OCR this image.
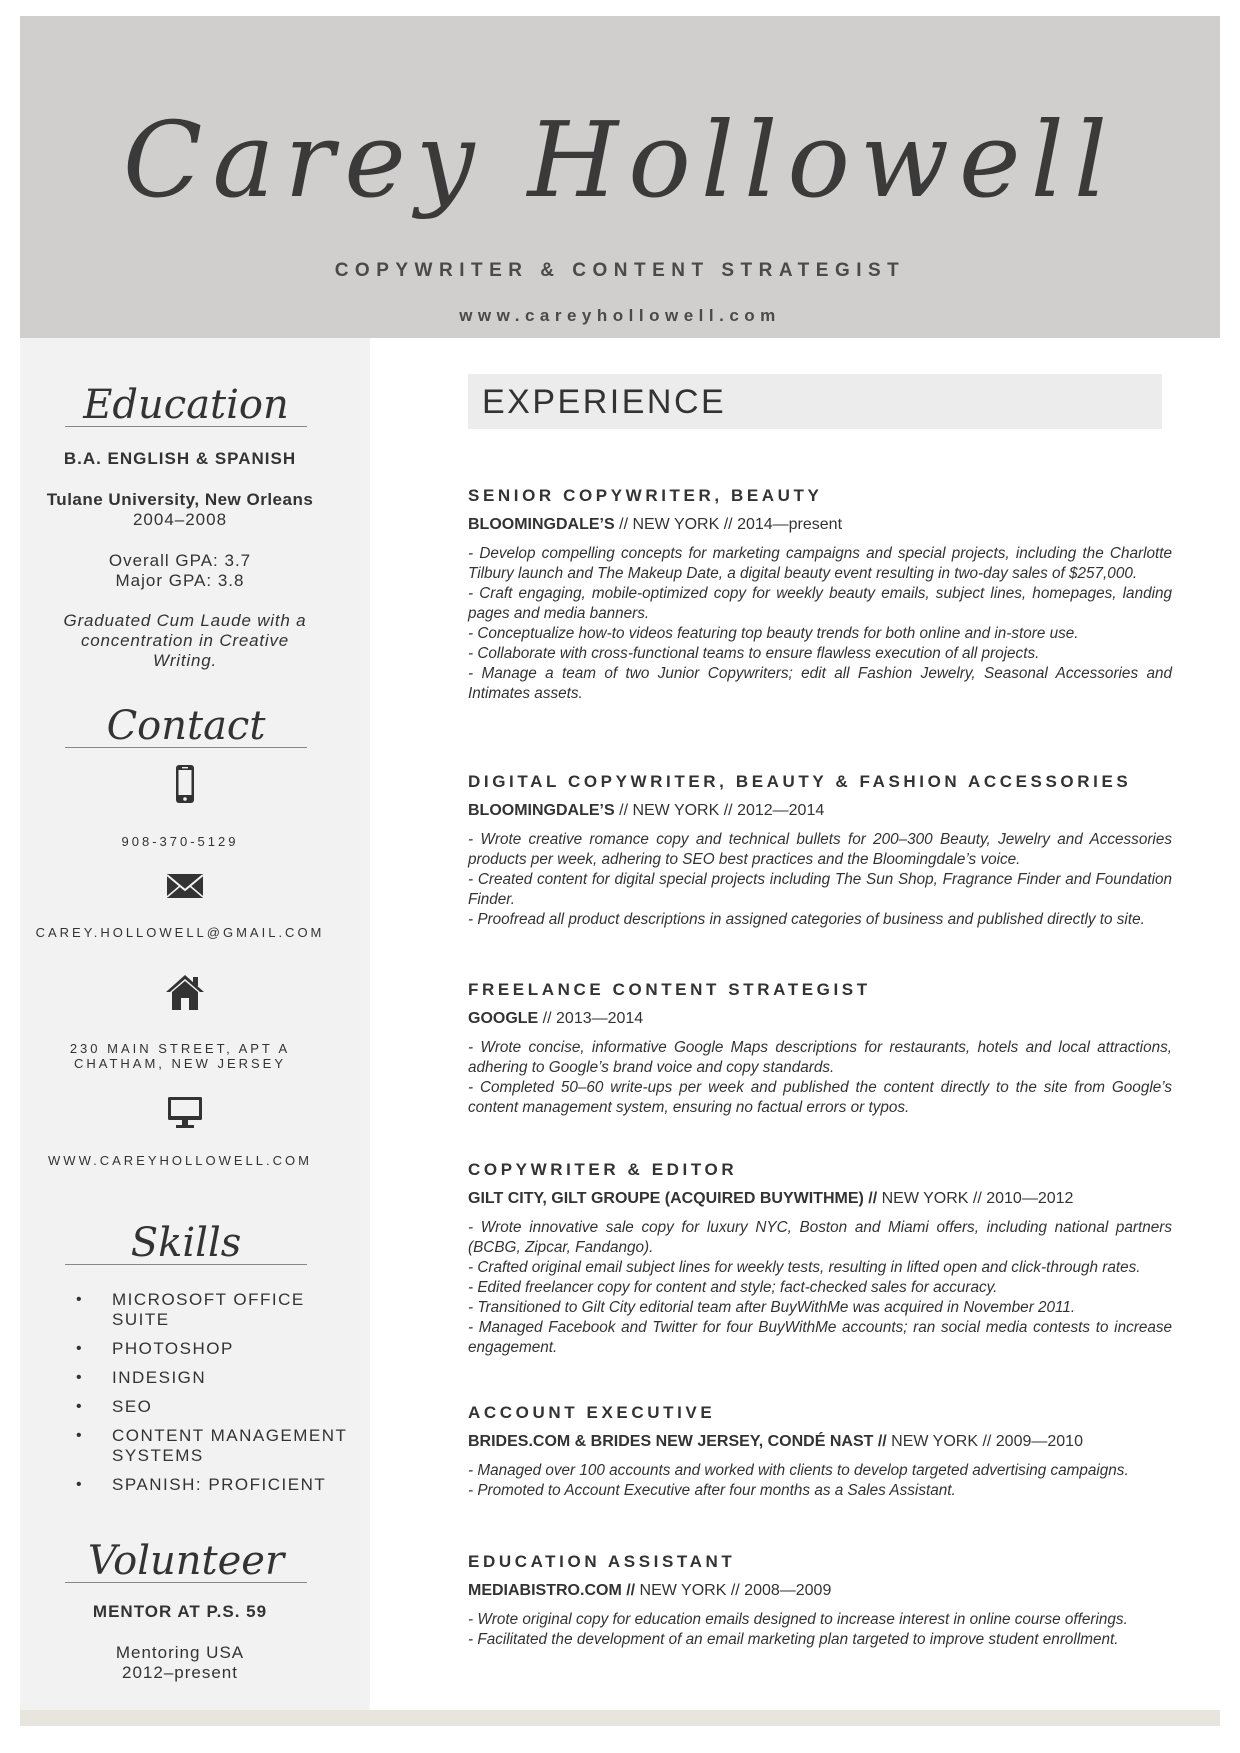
Carey Hollowell
COPYWRITER & CONTENT STRATEGIST
www.careyhollowell.com
Education
B.A. ENGLISH & SPANISH
Tulane University, New Orleans
2004–2008
Overall GPA: 3.7
Major GPA: 3.8
Graduated Cum Laude with a concentration in Creative Writing.
Contact
908-370-5129
CAREY.HOLLOWELL@GMAIL.COM
230 MAIN STREET, APT A
CHATHAM, NEW JERSEY
WWW.CAREYHOLLOWELL.COM
Skills
• MICROSOFT OFFICE SUITE
• PHOTOSHOP
• INDESIGN
• SEO
• CONTENT MANAGEMENT SYSTEMS
• SPANISH: PROFICIENT
Volunteer
MENTOR AT P.S. 59
Mentoring USA
2012–present
EXPERIENCE
SENIOR COPYWRITER, BEAUTY
BLOOMINGDALE’S // NEW YORK // 2014—present
- Develop compelling concepts for marketing campaigns and special projects, including the Charlotte Tilbury launch and The Makeup Date, a digital beauty event resulting in two-day sales of $257,000.
- Craft engaging, mobile-optimized copy for weekly beauty emails, subject lines, homepages, landing pages and media banners.
- Conceptualize how-to videos featuring top beauty trends for both online and in-store use.
- Collaborate with cross-functional teams to ensure flawless execution of all projects.
- Manage a team of two Junior Copywriters; edit all Fashion Jewelry, Seasonal Accessories and Intimates assets.
DIGITAL COPYWRITER, BEAUTY & FASHION ACCESSORIES
BLOOMINGDALE’S // NEW YORK // 2012—2014
- Wrote creative romance copy and technical bullets for 200–300 Beauty, Jewelry and Accessories products per week, adhering to SEO best practices and the Bloomingdale’s voice.
- Created content for digital special projects including The Sun Shop, Fragrance Finder and Foundation Finder.
- Proofread all product descriptions in assigned categories of business and published directly to site.
FREELANCE CONTENT STRATEGIST
GOOGLE // 2013—2014
- Wrote concise, informative Google Maps descriptions for restaurants, hotels and local attractions, adhering to Google’s brand voice and copy standards.
- Completed 50–60 write-ups per week and published the content directly to the site from Google’s content management system, ensuring no factual errors or typos.
COPYWRITER & EDITOR
GILT CITY, GILT GROUPE (ACQUIRED BUYWITHME) // NEW YORK // 2010—2012
- Wrote innovative sale copy for luxury NYC, Boston and Miami offers, including national partners (BCBG, Zipcar, Fandango).
- Crafted original email subject lines for weekly tests, resulting in lifted open and click-through rates.
- Edited freelancer copy for content and style; fact-checked sales for accuracy.
- Transitioned to Gilt City editorial team after BuyWithMe was acquired in November 2011.
- Managed Facebook and Twitter for four BuyWithMe accounts; ran social media contests to increase engagement.
ACCOUNT EXECUTIVE
BRIDES.COM & BRIDES NEW JERSEY, CONDÉ NAST // NEW YORK // 2009—2010
- Managed over 100 accounts and worked with clients to develop targeted advertising campaigns.
- Promoted to Account Executive after four months as a Sales Assistant.
EDUCATION ASSISTANT
MEDIABISTRO.COM // NEW YORK // 2008—2009
- Wrote original copy for education emails designed to increase interest in online course offerings.
- Facilitated the development of an email marketing plan targeted to improve student enrollment.
